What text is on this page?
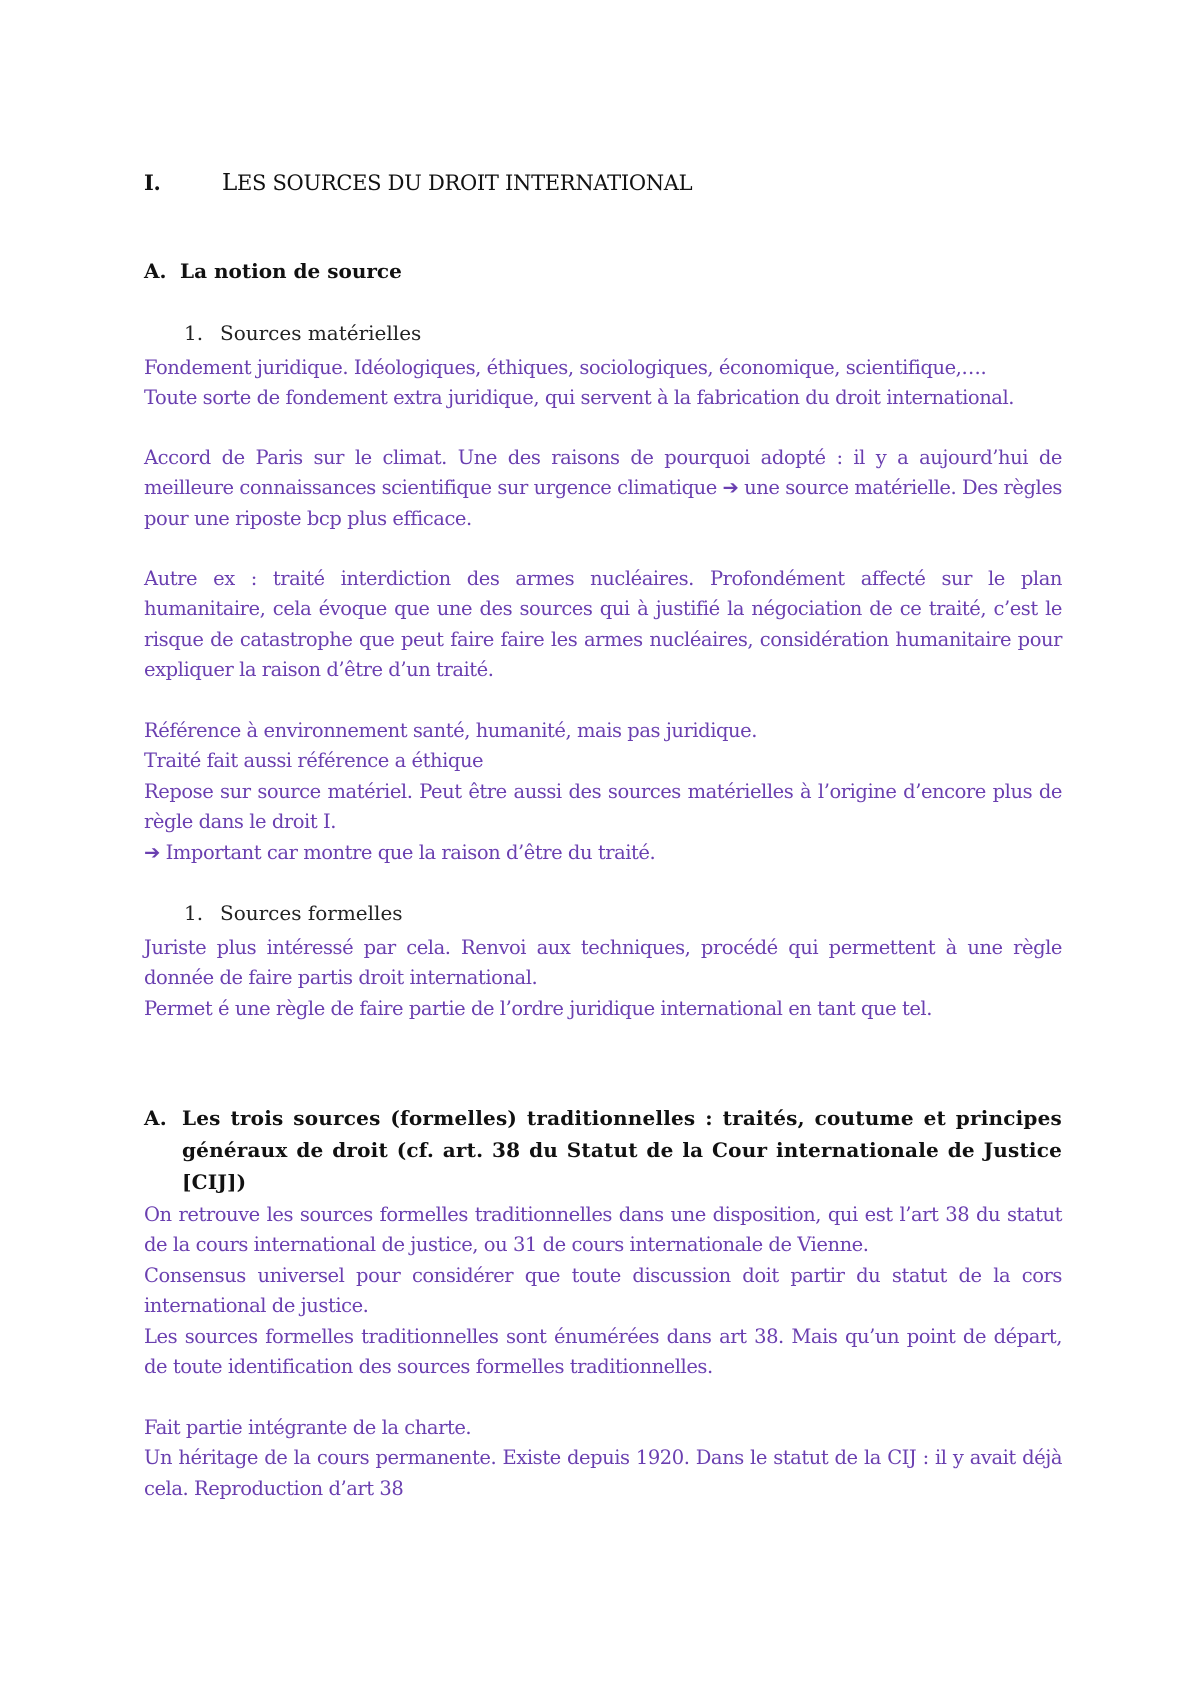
I.	LES SOURCES DU DROIT INTERNATIONAL
A. La notion de source
1. Sources matérielles

Fondement juridique. Idéologiques, éthiques, sociologiques, économique, scientifique,….
Toute sorte de fondement extra juridique, qui servent à la fabrication du droit international.

Accord de Paris sur le climat. Une des raisons de pourquoi adopté : il y a aujourd’hui de meilleure connaissances scientifique sur urgence climatique ➔ une source matérielle. Des règles pour une riposte bcp plus efficace.

Autre ex : traité interdiction des armes nucléaires. Profondément affecté sur le plan humanitaire, cela évoque que une des sources qui à justifié la négociation de ce traité, c’est le risque de catastrophe que peut faire faire les armes nucléaires, considération humanitaire pour expliquer la raison d’être d’un traité.

Référence à environnement santé, humanité, mais pas juridique.
Traité fait aussi référence a éthique
Repose sur source matériel. Peut être aussi des sources matérielles à l’origine d’encore plus de règle dans le droit I.
➔ Important car montre que la raison d’être du traité.

1. Sources formelles

Juriste plus intéressé par cela. Renvoi aux techniques, procédé qui permettent à une règle donnée de faire partis droit international.
Permet é une règle de faire partie de l’ordre juridique international en tant que tel.

A. Les trois sources (formelles) traditionnelles : traités, coutume et principes généraux de droit (cf. art. 38 du Statut de la Cour internationale de Justice [CIJ])

On retrouve les sources formelles traditionnelles dans une disposition, qui est l’art 38 du statut de la cours international de justice, ou 31 de cours internationale de Vienne.
Consensus universel pour considérer que toute discussion doit partir du statut de la cors international de justice.
Les sources formelles traditionnelles sont énumérées dans art 38. Mais qu’un point de départ, de toute identification des sources formelles traditionnelles.

Fait partie intégrante de la charte.
Un héritage de la cours permanente. Existe depuis 1920. Dans le statut de la CIJ : il y avait déjà cela. Reproduction d’art 38
